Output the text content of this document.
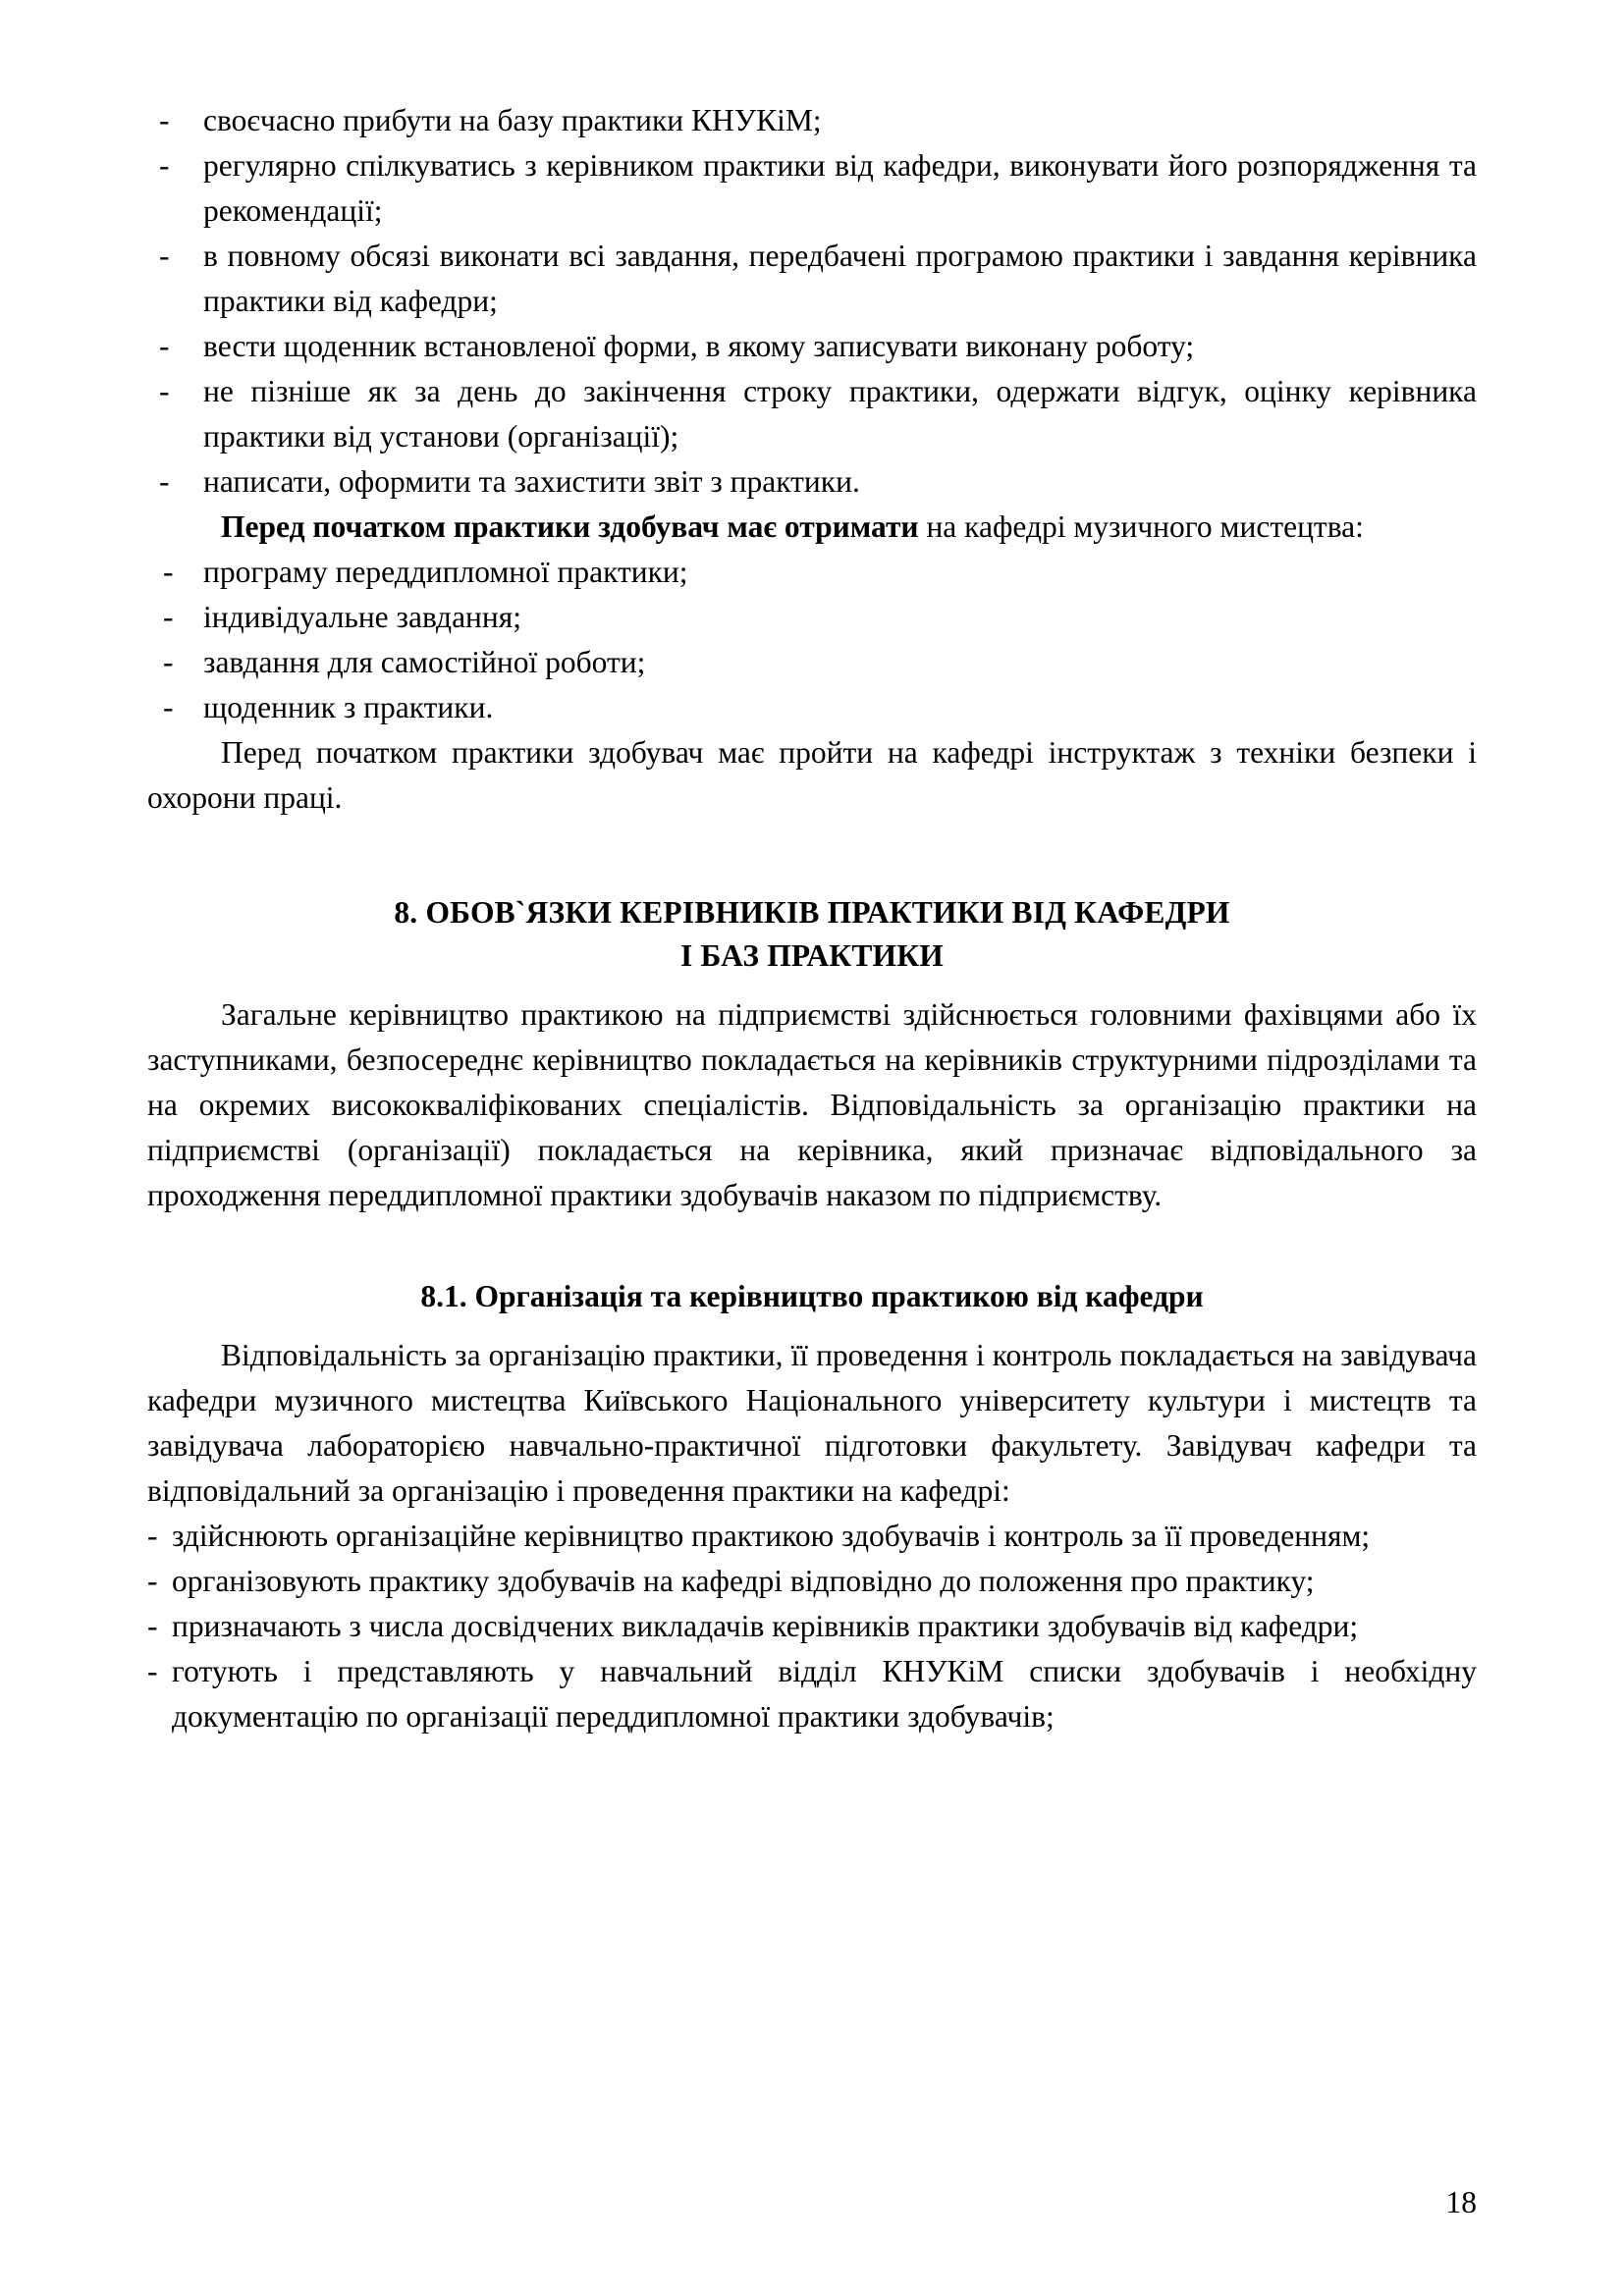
- своєчасно прибути на базу практики КНУКіМ;
- регулярно спілкуватись з керівником практики від кафедри, виконувати його розпорядження та рекомендації;
- в повному обсязі виконати всі завдання, передбачені програмою практики і завдання керівника практики від кафедри;
- вести щоденник встановленої форми, в якому записувати виконану роботу;
- не пізніше як за день до закінчення строку практики, одержати відгук, оцінку керівника практики від установи (організації);
- написати, оформити та захистити звіт з практики.

Перед початком практики здобувач має отримати на кафедрі музичного мистецтва:

- програму переддипломної практики;
- індивідуальне завдання;
- завдання для самостійної роботи;
- щоденник з практики.

Перед початком практики здобувач має пройти на кафедрі інструктаж з техніки безпеки і охорони праці.

8. ОБОВ`ЯЗКИ КЕРІВНИКІВ ПРАКТИКИ ВІД КАФЕДРИ
І БАЗ ПРАКТИКИ

Загальне керівництво практикою на підприємстві здійснюється головними фахівцями або їх заступниками, безпосереднє керівництво покладається на керівників структурними підрозділами та на окремих висококваліфікованих спеціалістів. Відповідальність за організацію практики на підприємстві (організації) покладається на керівника, який призначає відповідального за проходження переддипломної практики здобувачів наказом по підприємству.

8.1. Організація та керівництво практикою від кафедри

Відповідальність за організацію практики, її проведення і контроль покладається на завідувача кафедри музичного мистецтва Київського Національного університету культури і мистецтв та завідувача лабораторією навчально-практичної підготовки факультету. Завідувач кафедри та відповідальний за організацію і проведення практики на кафедрі:

- здійснюють організаційне керівництво практикою здобувачів і контроль за її проведенням;
- організовують практику здобувачів на кафедрі відповідно до положення про практику;
- призначають з числа досвідчених викладачів керівників практики здобувачів від кафедри;
- готують і представляють у навчальний відділ КНУКіМ списки здобувачів і необхідну документацію по організації переддипломної практики здобувачів;
18
